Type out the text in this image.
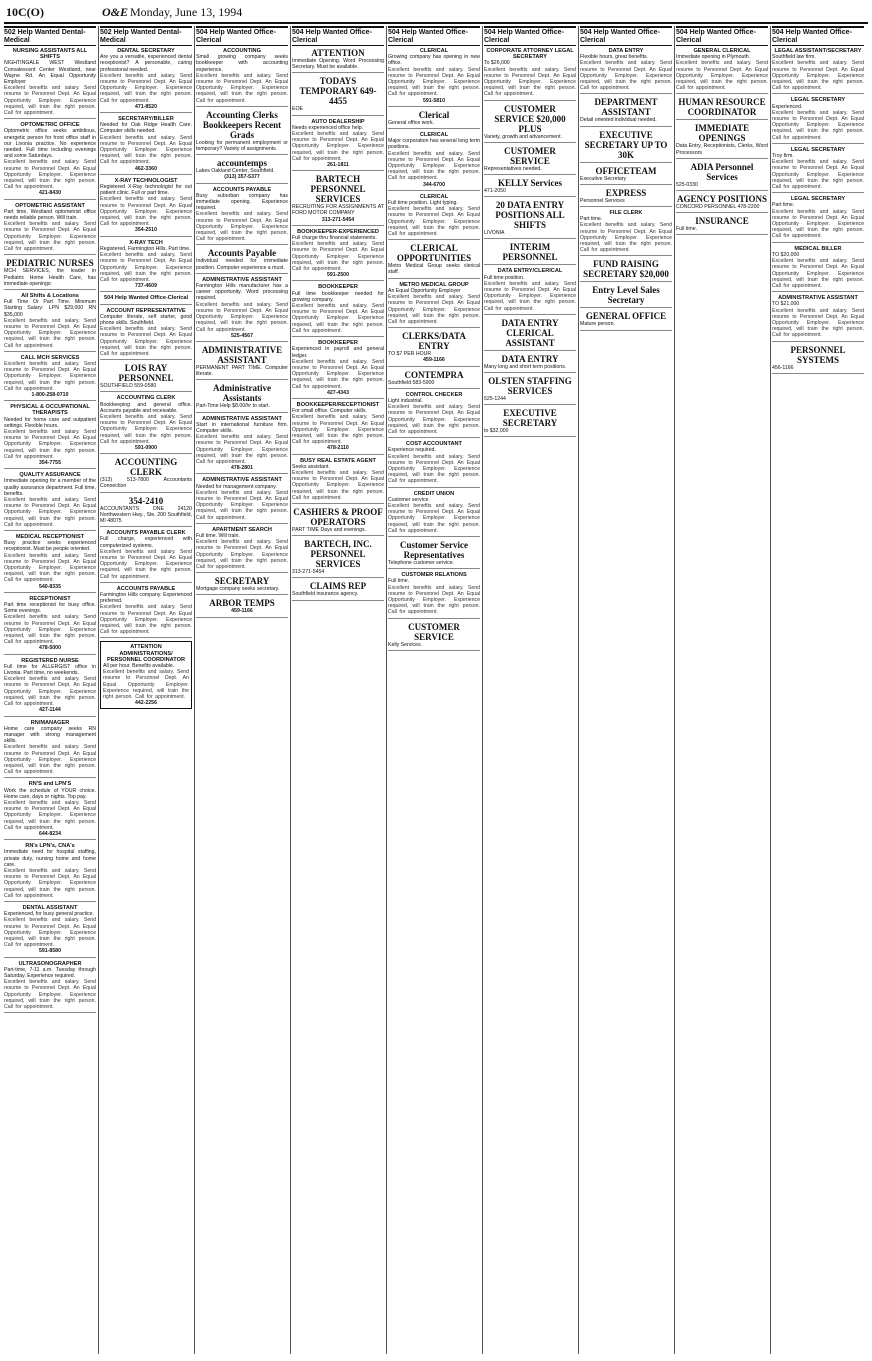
10C(O)	O&E Monday, June 13, 1994
502 Help Wanted Dental-Medical
NURSING ASSISTANTS ALL SHIFTS
NIGHTINGALE WEST Westland Convalescent Center Westland, near Wayne Rd. An Equal Opportunity Employer
Excellent benefits and salary. Send resume to Personnel Dept. An Equal Opportunity Employer. Experience required, will train the right person. Call for appointment.
OPTOMETRIC OFFICE
Optometric office seeks ambitious, energetic person for front office staff in our Livonia practice. No experience needed. Full time including evenings and some Saturdays.
Excellent benefits and salary. Send resume to Personnel Dept. An Equal Opportunity Employer. Experience required, will train the right person. Call for appointment.
421-8430
OPTOMETRIC ASSISTANT
Part time, Westland optometrist office needs reliable person. Will train.
Excellent benefits and salary. Send resume to Personnel Dept. An Equal Opportunity Employer. Experience required, will train the right person. Call for appointment.
PEDIATRIC NURSES
MCH SERVICES, the leader in Pediatric Home Health Care, has immediate openings:
All Shifts & Locations
Full Time Or Part Time. Minimum Starting Salary: LPN $29,000 RN $35,000
Excellent benefits and salary. Send resume to Personnel Dept. An Equal Opportunity Employer. Experience required, will train the right person. Call for appointment.
CALL MCH SERVICES
Excellent benefits and salary. Send resume to Personnel Dept. An Equal Opportunity Employer. Experience required, will train the right person. Call for appointment.
1-800-258-0710
PHYSICAL & OCCUPATIONAL THERAPISTS
Needed for home care and outpatient settings. Flexible hours.
Excellent benefits and salary. Send resume to Personnel Dept. An Equal Opportunity Employer. Experience required, will train the right person. Call for appointment.
354-7755
QUALITY ASSURANCE
Immediate opening for a member of the quality assurance department. Full time, benefits.
Excellent benefits and salary. Send resume to Personnel Dept. An Equal Opportunity Employer. Experience required, will train the right person. Call for appointment.
MEDICAL RECEPTIONIST
Busy practice seeks experienced receptionist. Must be people oriented.
Excellent benefits and salary. Send resume to Personnel Dept. An Equal Opportunity Employer. Experience required, will train the right person. Call for appointment.
540-8335
RECEPTIONIST
Part time receptionist for busy office. Some evenings.
Excellent benefits and salary. Send resume to Personnel Dept. An Equal Opportunity Employer. Experience required, will train the right person. Call for appointment.
478-5000
REGISTERED NURSE
Full time for ALLERGIST office in Livonia. Part time, no weekends.
Excellent benefits and salary. Send resume to Personnel Dept. An Equal Opportunity Employer. Experience required, will train the right person. Call for appointment.
427-1144
RN/MANAGER
Home care company seeks RN manager with strong management skills.
Excellent benefits and salary. Send resume to Personnel Dept. An Equal Opportunity Employer. Experience required, will train the right person. Call for appointment.
RN'S and LPN'S
Work the schedule of YOUR choice. Home care, days or nights. Top pay.
Excellent benefits and salary. Send resume to Personnel Dept. An Equal Opportunity Employer. Experience required, will train the right person. Call for appointment.
644-8234
RN's LPN's, CNA's
Immediate need for hospital staffing, private duty, nursing home and home care.
Excellent benefits and salary. Send resume to Personnel Dept. An Equal Opportunity Employer. Experience required, will train the right person. Call for appointment.
DENTAL ASSISTANT
Experienced, for busy general practice.
Excellent benefits and salary. Send resume to Personnel Dept. An Equal Opportunity Employer. Experience required, will train the right person. Call for appointment.
591-8580
ULTRASONOGRAPHER
Part-time, 7-11 a.m. Tuesday through Saturday. Experience required.
Excellent benefits and salary. Send resume to Personnel Dept. An Equal Opportunity Employer. Experience required, will train the right person. Call for appointment.
502 Help Wanted Dental-Medical
DENTAL SECRETARY
Are you a versatile, experienced dental receptionist? A personable, caring professional needed.
Excellent benefits and salary. Send resume to Personnel Dept. An Equal Opportunity Employer. Experience required, will train the right person. Call for appointment.
471-8520
SECRETARY/BILLER
Needed for Oak Ridge Health Care. Computer skills needed.
Excellent benefits and salary. Send resume to Personnel Dept. An Equal Opportunity Employer. Experience required, will train the right person. Call for appointment.
462-3360
X-RAY TECHNOLOGIST
Registered X-Ray technologist for out patient clinic. Full or part time.
Excellent benefits and salary. Send resume to Personnel Dept. An Equal Opportunity Employer. Experience required, will train the right person. Call for appointment.
354-2510
X-RAY TECH
Registered, Farmington Hills. Part time.
Excellent benefits and salary. Send resume to Personnel Dept. An Equal Opportunity Employer. Experience required, will train the right person. Call for appointment.
737-4609
504 Help Wanted Office-Clerical
ACCOUNT REPRESENTATIVE
Computer literate, self starter, good phone skills. Southfield.
Excellent benefits and salary. Send resume to Personnel Dept. An Equal Opportunity Employer. Experience required, will train the right person. Call for appointment.
LOIS RAY PERSONNEL
SOUTHFIELD 559-0580
ACCOUNTING CLERK
Bookkeeping and general office. Accounts payable and receivable.
Excellent benefits and salary. Send resume to Personnel Dept. An Equal Opportunity Employer. Experience required, will train the right person. Call for appointment.
591-0900
ACCOUNTING CLERK
(313) 513-7800 Accountants Connection
354-2410
ACCOUNTANTS ONE 24120 Northwestern Hwy., Ste. 200 Southfield, MI 48075
ACCOUNTS PAYABLE CLERK
Full charge, experienced with computerized systems.
Excellent benefits and salary. Send resume to Personnel Dept. An Equal Opportunity Employer. Experience required, will train the right person. Call for appointment.
ACCOUNTS PAYABLE
Farmington Hills company. Experienced preferred.
Excellent benefits and salary. Send resume to Personnel Dept. An Equal Opportunity Employer. Experience required, will train the right person. Call for appointment.
ATTENTION ADMINISTRATIONS/ PERSONNEL COORDINATOR
All per hour. Benefits available.
Excellent benefits and salary. Send resume to Personnel Dept. An Equal Opportunity Employer. Experience required, will train the right person. Call for appointment.
442-2256
504 Help Wanted Office-Clerical
ACCOUNTING
Small growing company seeks bookkeeper with accounting experience.
Excellent benefits and salary. Send resume to Personnel Dept. An Equal Opportunity Employer. Experience required, will train the right person. Call for appointment.
Accounting Clerks Bookkeepers Recent Grads
Looking for permanent employment or temporary? Variety of assignments.
accountemps
Lakes Oakland Center, Southfield.
(313) 357-5377
ACCOUNTS PAYABLE
Busy suburban company has immediate opening. Experience required.
Excellent benefits and salary. Send resume to Personnel Dept. An Equal Opportunity Employer. Experience required, will train the right person. Call for appointment.
Accounts Payable
Individual needed for immediate position. Computer experience a must.
ADMINISTRATIVE ASSISTANT
Farmington Hills manufacturer has a career opportunity. Word processing required.
Excellent benefits and salary. Send resume to Personnel Dept. An Equal Opportunity Employer. Experience required, will train the right person. Call for appointment.
525-4567
ADMINISTRATIVE ASSISTANT
PERMANENT PART TIME. Computer literate.
Administrative Assistants
Part-Time Help $8.00/hr to start.
ADMINISTRATIVE ASSISTANT
Start in international furniture firm. Computer skills.
Excellent benefits and salary. Send resume to Personnel Dept. An Equal Opportunity Employer. Experience required, will train the right person. Call for appointment.
478-2801
ADMINISTRATIVE ASSISTANT
Needed for management company.
Excellent benefits and salary. Send resume to Personnel Dept. An Equal Opportunity Employer. Experience required, will train the right person. Call for appointment.
APARTMENT SEARCH
Full time. Will train.
Excellent benefits and salary. Send resume to Personnel Dept. An Equal Opportunity Employer. Experience required, will train the right person. Call for appointment.
SECRETARY
Mortgage company seeks secretary.
ARBOR TEMPS
459-1166
504 Help Wanted Office-Clerical
ATTENTION
Immediate Opening. Word Processing Secretary. Must be available.
TODAYS TEMPORARY 649-4455
EOE
AUTO DEALERSHIP
Needs experienced office help.
Excellent benefits and salary. Send resume to Personnel Dept. An Equal Opportunity Employer. Experience required, will train the right person. Call for appointment.
261-1811
BARTECH PERSONNEL SERVICES
RECRUITING FOR ASSIGNMENTS AT FORD MOTOR COMPANY
313-271-5454
BOOKKEEPER-EXPERIENCED
Full charge thru financial statements.
Excellent benefits and salary. Send resume to Personnel Dept. An Equal Opportunity Employer. Experience required, will train the right person. Call for appointment.
591-2500
BOOKKEEPER
Full time bookkeeper needed for growing company.
Excellent benefits and salary. Send resume to Personnel Dept. An Equal Opportunity Employer. Experience required, will train the right person. Call for appointment.
BOOKKEEPER
Experienced in payroll and general ledger.
Excellent benefits and salary. Send resume to Personnel Dept. An Equal Opportunity Employer. Experience required, will train the right person. Call for appointment.
427-4343
BOOKKEEPER/RECEPTIONIST
For small office. Computer skills.
Excellent benefits and salary. Send resume to Personnel Dept. An Equal Opportunity Employer. Experience required, will train the right person. Call for appointment.
478-2110
BUSY REAL ESTATE AGENT
Seeks assistant.
Excellent benefits and salary. Send resume to Personnel Dept. An Equal Opportunity Employer. Experience required, will train the right person. Call for appointment.
CASHIERS & PROOF OPERATORS
PART TIME Days and evenings.
BARTECH, INC. PERSONNEL SERVICES
313-271-5454
CLAIMS REP
Southfield insurance agency.
504 Help Wanted Office-Clerical
CLERICAL
Growing company has opening in new office.
Excellent benefits and salary. Send resume to Personnel Dept. An Equal Opportunity Employer. Experience required, will train the right person. Call for appointment.
591-5810
Clerical
General office work.
CLERICAL
Major corporation has several long term positions.
Excellent benefits and salary. Send resume to Personnel Dept. An Equal Opportunity Employer. Experience required, will train the right person. Call for appointment.
344-6700
CLERICAL
Full time position. Light typing.
Excellent benefits and salary. Send resume to Personnel Dept. An Equal Opportunity Employer. Experience required, will train the right person. Call for appointment.
CLERICAL OPPORTUNITIES
Metro Medical Group seeks clerical staff.
METRO MEDICAL GROUP
An Equal Opportunity Employer
Excellent benefits and salary. Send resume to Personnel Dept. An Equal Opportunity Employer. Experience required, will train the right person. Call for appointment.
CLERKS/DATA ENTRY
TO $7 PER HOUR
459-1166
CONTEMPRA
Southfield 583-5900
CONTROL CHECKER
Light industrial.
Excellent benefits and salary. Send resume to Personnel Dept. An Equal Opportunity Employer. Experience required, will train the right person. Call for appointment.
COST ACCOUNTANT
Experience required.
Excellent benefits and salary. Send resume to Personnel Dept. An Equal Opportunity Employer. Experience required, will train the right person. Call for appointment.
CREDIT UNION
Customer service.
Excellent benefits and salary. Send resume to Personnel Dept. An Equal Opportunity Employer. Experience required, will train the right person. Call for appointment.
Customer Service Representatives
Telephone customer service.
CUSTOMER RELATIONS
Full time.
Excellent benefits and salary. Send resume to Personnel Dept. An Equal Opportunity Employer. Experience required, will train the right person. Call for appointment.
CUSTOMER SERVICE
Kelly Services.
504 Help Wanted Office-Clerical
CORPORATE ATTORNEY LEGAL SECRETARY
To $26,000
Excellent benefits and salary. Send resume to Personnel Dept. An Equal Opportunity Employer. Experience required, will train the right person. Call for appointment.
CUSTOMER SERVICE $20,000 PLUS
Variety, growth and advancement.
CUSTOMER SERVICE
Representatives needed.
KELLY Services
471-2050
20 DATA ENTRY POSITIONS ALL SHIFTS
LIVONIA
INTERIM PERSONNEL
DATA ENTRY/CLERICAL
Full time position.
Excellent benefits and salary. Send resume to Personnel Dept. An Equal Opportunity Employer. Experience required, will train the right person. Call for appointment.
DATA ENTRY CLERICAL ASSISTANT
DATA ENTRY
Many long and short term positions.
OLSTEN STAFFING SERVICES
525-1244
EXECUTIVE SECRETARY
to $32,000
504 Help Wanted Office-Clerical
DATA ENTRY
Flexible hours, great benefits.
Excellent benefits and salary. Send resume to Personnel Dept. An Equal Opportunity Employer. Experience required, will train the right person. Call for appointment.
DEPARTMENT ASSISTANT
Detail oriented individual needed.
EXECUTIVE SECRETARY UP TO 30K
OFFICETEAM
Executive Secretary
EXPRESS
Personnel Services
FILE CLERK
Part time.
Excellent benefits and salary. Send resume to Personnel Dept. An Equal Opportunity Employer. Experience required, will train the right person. Call for appointment.
FUND RAISING SECRETARY $20,000
Entry Level Sales Secretary
GENERAL OFFICE
Mature person.
504 Help Wanted Office-Clerical
GENERAL CLERICAL
Immediate opening in Plymouth.
Excellent benefits and salary. Send resume to Personnel Dept. An Equal Opportunity Employer. Experience required, will train the right person. Call for appointment.
HUMAN RESOURCE COORDINATOR
IMMEDIATE OPENINGS
Data Entry, Receptionists, Clerks, Word Processors
ADIA Personnel Services
525-0330
AGENCY POSITIONS
CONCORD PERSONNEL 478-2200
INSURANCE
Full time.
504 Help Wanted Office-Clerical
LEGAL ASSISTANT/SECRETARY
Southfield law firm.
Excellent benefits and salary. Send resume to Personnel Dept. An Equal Opportunity Employer. Experience required, will train the right person. Call for appointment.
LEGAL SECRETARY
Experienced.
Excellent benefits and salary. Send resume to Personnel Dept. An Equal Opportunity Employer. Experience required, will train the right person. Call for appointment.
LEGAL SECRETARY
Troy firm.
Excellent benefits and salary. Send resume to Personnel Dept. An Equal Opportunity Employer. Experience required, will train the right person. Call for appointment.
LEGAL SECRETARY
Part time.
Excellent benefits and salary. Send resume to Personnel Dept. An Equal Opportunity Employer. Experience required, will train the right person. Call for appointment.
MEDICAL BILLER
TO $20,000
Excellent benefits and salary. Send resume to Personnel Dept. An Equal Opportunity Employer. Experience required, will train the right person. Call for appointment.
ADMINISTRATIVE ASSISTANT
TO $21,000
Excellent benefits and salary. Send resume to Personnel Dept. An Equal Opportunity Employer. Experience required, will train the right person. Call for appointment.
PERSONNEL SYSTEMS
456-1166
